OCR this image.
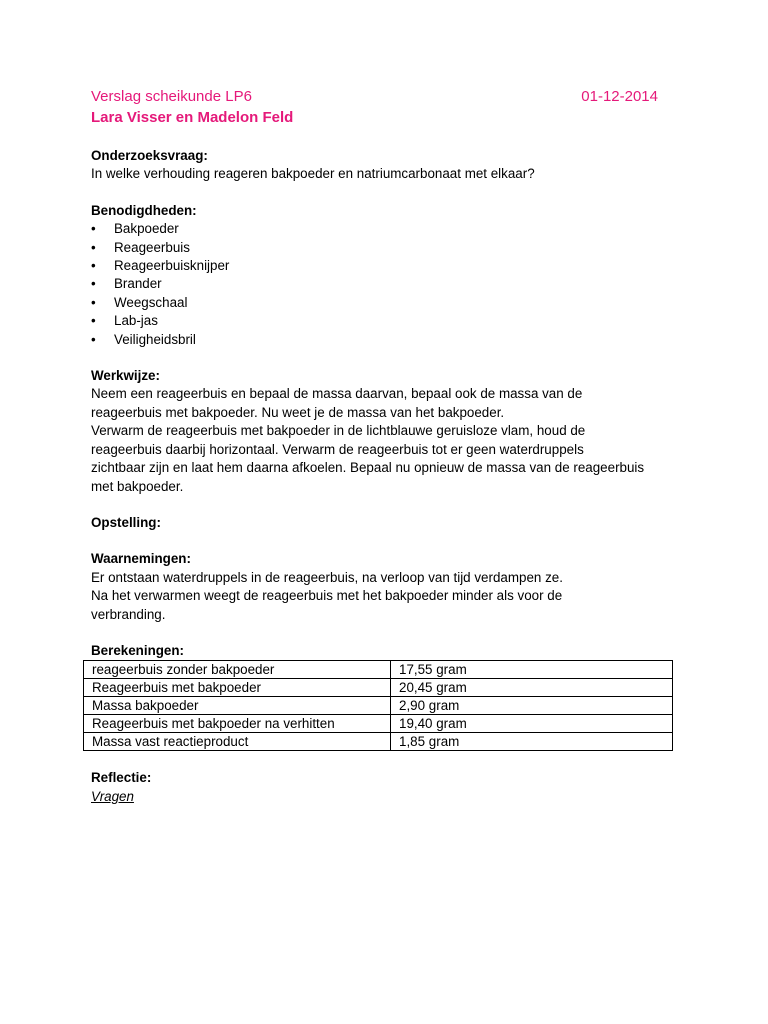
Verslag scheikunde LP6	01-12-2014
Lara Visser en Madelon Feld
Onderzoeksvraag:
In welke verhouding reageren bakpoeder en natriumcarbonaat met elkaar?
Benodigdheden:
•	Bakpoeder
•	Reageerbuis
•	Reageerbuisknijper
•	Brander
•	Weegschaal
•	Lab-jas
•	Veiligheidsbril
Werkwijze:
Neem een reageerbuis en bepaal de massa daarvan, bepaal ook de massa van de
reageerbuis met bakpoeder. Nu weet je de massa van het bakpoeder.
Verwarm de reageerbuis met bakpoeder in de lichtblauwe geruisloze vlam, houd de
reageerbuis daarbij horizontaal. Verwarm de reageerbuis tot er geen waterdruppels
zichtbaar zijn en laat hem daarna afkoelen. Bepaal nu opnieuw de massa van de reageerbuis
met bakpoeder.
Opstelling:
Waarnemingen:
Er ontstaan waterdruppels in de reageerbuis, na verloop van tijd verdampen ze.
Na het verwarmen weegt de reageerbuis met het bakpoeder minder als voor de
verbranding.
Berekeningen:
reageerbuis zonder bakpoeder	17,55 gram
Reageerbuis met bakpoeder	20,45 gram
Massa bakpoeder	2,90 gram
Reageerbuis met bakpoeder na verhitten	19,40 gram
Massa vast reactieproduct	1,85 gram
Reflectie:
Vragen
